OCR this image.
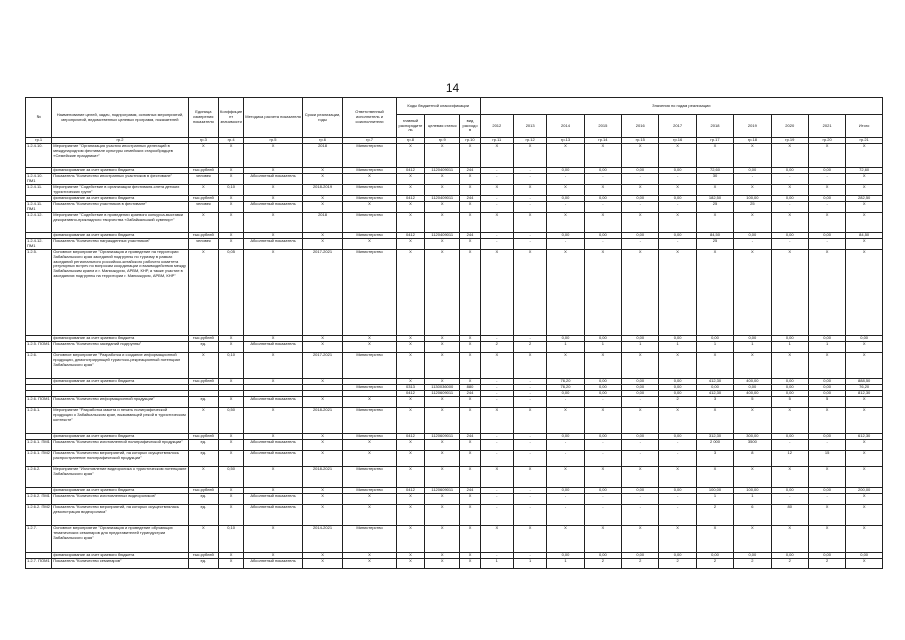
14
№	Наименование целей, задач, подпрограмм, основных мероприятий, мероприятий, ведомственных целевых программ, показателей	Единица измерения показателя	Коэффициент значимости	Методика расчета показателя	Сроки реализации, годы	Ответственный исполнитель и соисполнители	Коды бюджетной классификации			Значения по годам реализации										
							главный распорядитель	целевая статья	вид расходов	2012	2013	2014	2015	2016	2017	2018	2019	2020	2021	Итого
гр.1	гр.2	гр.3	гр.4	гр.5	гр.6	гр.7	гр.8	гр.9	гр.10	гр.11	гр.12	гр.13	гр.14	гр.15	гр.16	гр.17	гр.18	гр.19	гр.20	гр.21
1.2.4.10.	Мероприятие "Организация участия иностранных делегаций в международном фестивале культуры семейских старообрядцев «Семейские праздники»"	Х	Х	Х	2018	Министерство	Х	Х	Х	Х	Х	Х	Х	Х	Х	Х	Х	Х	Х	Х
	финансирование за счет краевого бюджета	тыс.рублей	Х	Х	Х	Министерство	0412	1120409011	244	-	-	0,00	0,00	0,00	0,00	72,60	0,00	0,00	0,00	72,60
1.2.4.10. ПМ1	Показатель "Количество иностранных участников в фестивале"	человек	Х	Абсолютный показатель	Х	Х	Х	Х	Х	-	-	-	-	-	-	30	-	-	-	Х
1.2.4.11.	Мероприятие "Содействие в организации фестиваля-слета детских туристических групп"	Х	0,10	Х	2018-2019	Министерство	Х	Х	Х	Х	Х	Х	Х	Х	Х	Х	Х	Х	Х	Х
	финансирование за счет краевого бюджета	тыс.рублей	Х	Х	Х	Министерство	0412	1120409011	244	-	-	0,00	0,00	0,00	0,00	182,50	100,00	0,00	0,00	282,50
1.2.4.11. ПМ1	Показатель "Количество участников в фестивале"	человек	Х	Абсолютный показатель	Х	Х	Х	Х	Х	-	-	-	-	-	-	25	25	-	-	Х
1.2.4.12.	Мероприятие "Содействие в проведении краевого конкурса-выставки декоративно-прикладного творчества «Забайкальский сувенир»"	Х	Х	Х	2018	Министерство	Х	Х	Х	Х	Х	Х	Х	Х	Х	Х	Х	Х	Х	Х
	финансирование за счет краевого бюджета	тыс.рублей	Х	Х	Х	Министерство	0412	1120409011	244	-	-	0,00	0,00	0,00	0,00	84,50	0,00	0,00	0,00	84,50
1.2.4.12. ПМ1	Показатель "Количество награжденных участников"	человек	Х	Абсолютный показатель	Х	Х	Х	Х	Х	-	-	-	-	-	-	25	-	-	-	Х
1.2.5.	Основное мероприятие "Организация и проведение на территории Забайкальского края заседаний подгруппы по туризму в рамках заседаний регионального российско-китайского рабочего комитета регулярных встреч по вопросам координации и взаимодействия между Забайкальским краем и г. Маньчжурия, АРВМ, КНР, а также участие в заседаниях подгруппы на территории г. Маньчжурия, АРВМ, КНР"	Х	0,05	Х	2017-2021	Министерство	Х	Х	Х	Х	Х	Х	Х	Х	Х	Х	Х	Х	Х	Х
	финансирование за счет краевого бюджета	тыс.рублей	Х	Х	Х	Х	Х	Х	Х	-	-	0,00	0,00	0,00	0,00	0,00	0,00	0,00	0,00	0,00
1.2.5. ПОМ1	Показатель "Количество заседаний подгруппы"	ед.	Х	Абсолютный показатель	Х	Х	Х	Х	Х	2	2	1	1	1	1	1	1	1	1	Х
1.2.6.	Основное мероприятие "Разработка и создание информационной продукции, демонстрирующей туристско-рекреационный потенциал Забайкальского края"	Х	0,10	Х	2017-2021	Министерство	Х	Х	Х	Х	Х	Х	Х	Х	Х	Х	Х	Х	Х	Х
	финансирование за счет краевого бюджета	тыс.рублей	Х	Х	Х		Х	Х	Х	-	-	76,20	0,00	0,00	0,00	412,30	400,00	0,00	0,00	888,50
						Министерство	0313	1130036000	880	-	-	76,20	0,00	0,00	0,00	0,00	0,00	0,00	0,00	76,20
							0412	1120609011	244	-	-	0,00	0,00	0,00	0,00	412,30	400,00	0,00	0,00	812,30
1.2.6. ПОМ1	Показатель "Количество информационной продукции"	ед.	Х	Абсолютный показатель	Х	Х	Х	Х	Х	-	-	-	-	-	2	3	5	5	5	Х
1.2.6.1.	Мероприятие "Разработка макета и печать полиграфической продукции о Забайкальском крае, вызывающей рекой в туристическом контексте"	Х	0,50	Х	2018-2021	Министерство	Х	Х	Х	Х	Х	Х	Х	Х	Х	Х	Х	Х	Х	Х
	финансирование за счет краевого бюджета	тыс.рублей	Х	Х	Х	Министерство	0412	1120609011	244	-	-	0,00	0,00	0,00	0,00	312,30	300,00	0,00	0,00	612,30
1.2.6.1. ПМ1	Показатель "Количество изготовленной полиграфической продукции"	ед.	Х	Абсолютный показатель	Х	Х	Х	Х	Х	-	-	-	-	-	-	2 000	3500	-	-	Х
1.2.6.1. ПМ2	Показатель "Количество мероприятий, на которых осуществлялось распространение полиграфической продукции"	ед.	Х	Абсолютный показатель	Х	Х	Х	Х	Х	-	-	-	-	-	-	3	8	12	15	Х
1.2.6.2.	Мероприятие "Изготовление видеоролика о туристическом потенциале Забайкальского края"	Х	0,50	Х	2018-2021	Министерство	Х	Х	Х	Х	Х	Х	Х	Х	Х	Х	Х	Х	Х	Х
	финансирование за счет краевого бюджета	тыс.рублей	Х	Х	Х	Министерство	0412	1120609011	244	-	-	0,00	0,00	0,00	0,00	100,00	100,00	0,00	0,00	200,00
1.2.6.2. ПМ1	Показатель "Количество изготовленных видеороликов"	ед.	Х	Абсолютный показатель	Х	Х	Х	Х	Х	-	-	-	-	-	-	1	1	-	-	Х
1.2.6.2. ПМ2	Показатель "Количество мероприятий, на которых осуществлялась демонстрация видеоролика"	ед.	Х	Абсолютный показатель	Х	Х	Х	Х	Х	-	-	-	-	-	-	2	6	80	Х	Х
1.2.7.	Основное мероприятие "Организация и проведение обучающих тематических семинаров для представителей туриндустрии Забайкальского края"	Х	0,10	Х	2014-2021	Министерство	Х	Х	Х	Х	Х	Х	Х	Х	Х	Х	Х	Х	Х	Х
	финансирование за счет краевого бюджета	тыс.рублей	Х	Х	Х	Х	Х	Х	Х	-	-	0,00	0,00	0,00	0,00	0,00	0,00	0,00	0,00	0,00
1.2.7. ПОМ1	Показатель "Количество семинаров"	ед.	Х	Абсолютный показатель	Х	Х	Х	Х	Х	1	1	1	2	2	2	2	2	2	2	Х
